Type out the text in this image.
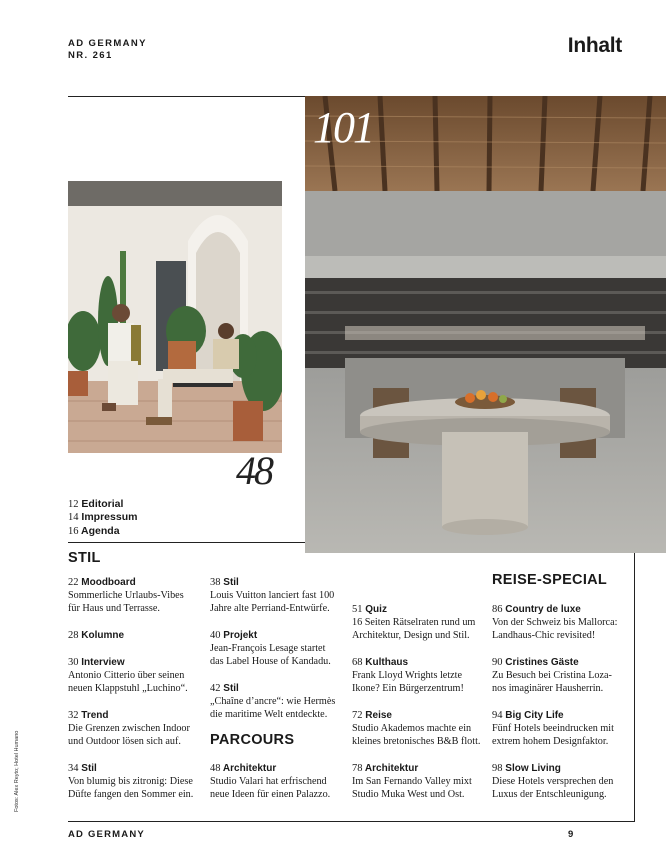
AD GERMANY
NR. 261	Inhalt
101
48
12 Editorial
14 Impressum
16 Agenda
STIL
22 Moodboard
Sommerliche Urlaubs-Vibes
für Haus und Terrasse.
28 Kolumne
30 Interview
Antonio Citterio über seinen
neuen Klappstuhl „Luchino“.
32 Trend
Die Grenzen zwischen Indoor
und Outdoor lösen sich auf.
34 Stil
Von blumig bis zitronig: Diese
Düfte fangen den Sommer ein.
38 Stil
Louis Vuitton lanciert fast 100
Jahre alte Perriand-Entwürfe.
40 Projekt
Jean-François Lesage startet
das Label House of Kandadu.
42 Stil
„Chaîne d’ancre“: wie Hermès
die maritime Welt entdeckte.
PARCOURS
48 Architektur
Studio Valari hat erfrischend
neue Ideen für einen Palazzo.
51 Quiz
16 Seiten Rätselraten rund um
Architektur, Design und Stil.
68 Kulthaus
Frank Lloyd Wrights letzte
Ikone? Ein Bürgerzentrum!
72 Reise
Studio Akademos machte ein
kleines bretonisches B&B flott.
78 Architektur
Im San Fernando Valley mixt
Studio Muka West und Ost.
REISE-SPECIAL
86 Country de luxe
Von der Schweiz bis Mallorca:
Landhaus-Chic revisited!
90 Cristines Gäste
Zu Besuch bei Cristina Loza-
nos imaginärer Hausherrin.
94 Big City Life
Fünf Hotels beeindrucken mit
extrem hohem Designfaktor.
98 Slow Living
Diese Hotels versprechen den
Luxus der Entschleunigung.
Fotos: Alex Reyto; Hotel Humano
AD GERMANY	9
